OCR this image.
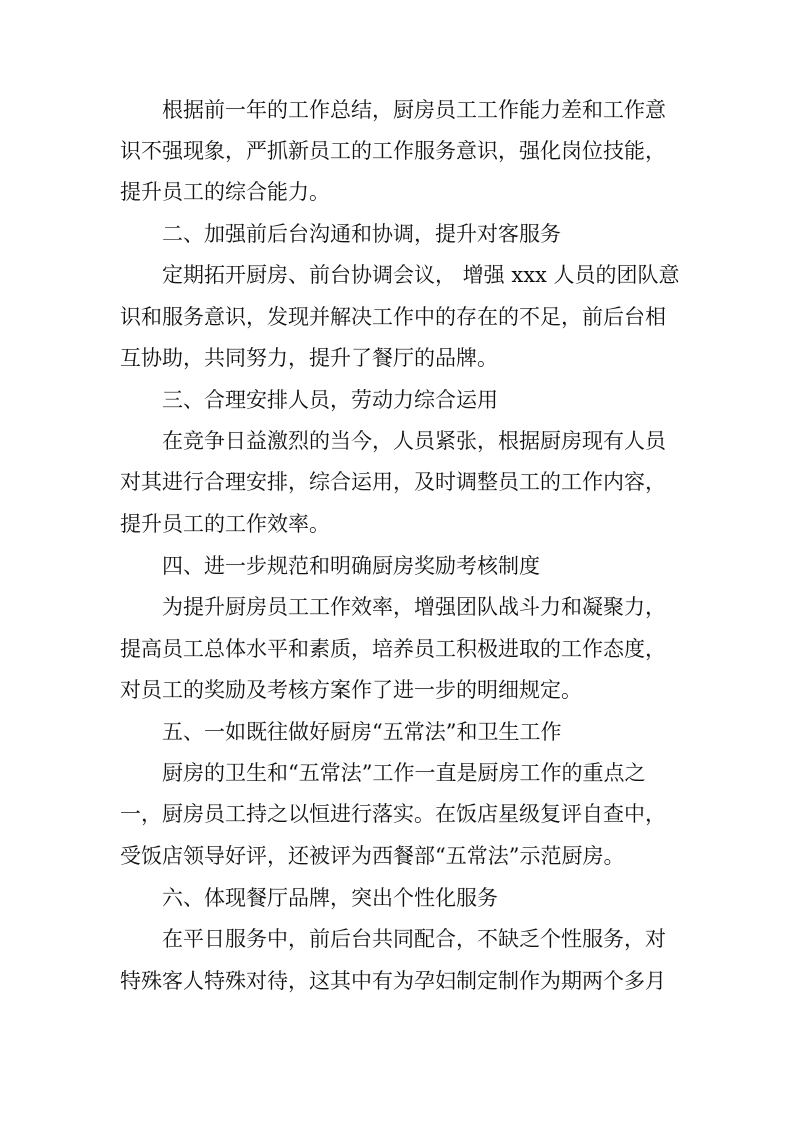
根据前一年的工作总结，厨房员工工作能力差和工作意

识不强现象，严抓新员工的工作服务意识，强化岗位技能，

提升员工的综合能力。

二、加强前后台沟通和协调，提升对客服务

定期拓开厨房、前台协调会议， 增强 xxx 人员的团队意

识和服务意识，发现并解决工作中的存在的不足，前后台相

互协助，共同努力，提升了餐厅的品牌。

三、合理安排人员，劳动力综合运用

在竞争日益激烈的当今，人员紧张，根据厨房现有人员

对其进行合理安排，综合运用，及时调整员工的工作内容，

提升员工的工作效率。

四、进一步规范和明确厨房奖励考核制度

为提升厨房员工工作效率，增强团队战斗力和凝聚力，

提高员工总体水平和素质，培养员工积极进取的工作态度，

对员工的奖励及考核方案作了进一步的明细规定。

五、一如既往做好厨房“五常法”和卫生工作

厨房的卫生和“五常法”工作一直是厨房工作的重点之

一，厨房员工持之以恒进行落实。在饭店星级复评自查中，

受饭店领导好评，还被评为西餐部“五常法”示范厨房。

六、体现餐厅品牌，突出个性化服务

在平日服务中，前后台共同配合，不缺乏个性服务，对

特殊客人特殊对待，这其中有为孕妇制定制作为期两个多月
